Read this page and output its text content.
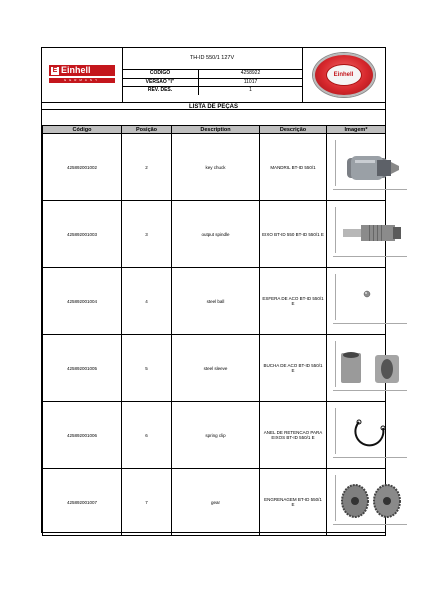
E Einhell
GERMANY
TH-ID 550/1 127V
CÓDIGO	4258922
VERSÃO "I"	11017
REV. DES.	1
Einhell
LISTA DE PEÇAS
Código	Posição	Description	Descrição	Imagem*
425892001002	2	key chuck	MANDRIL BT-ID 550/1	

425892001003	3	output spindle	EIXO BT-ID 550 BT-ID 550/1 E	

425892001004	4	steel ball	ESFERA DE ACO BT-ID 550/1 E	

425892001005	5	steel sleeve	BUCHA DE ACO BT-ID 550/1 E	

425892001006	6	spring clip	ANEL DE RETENCAO PARA EIXOS BT-ID 550/1 E	

425892001007	7	gear	ENGRENAGEM BT-ID 550/1 E	
